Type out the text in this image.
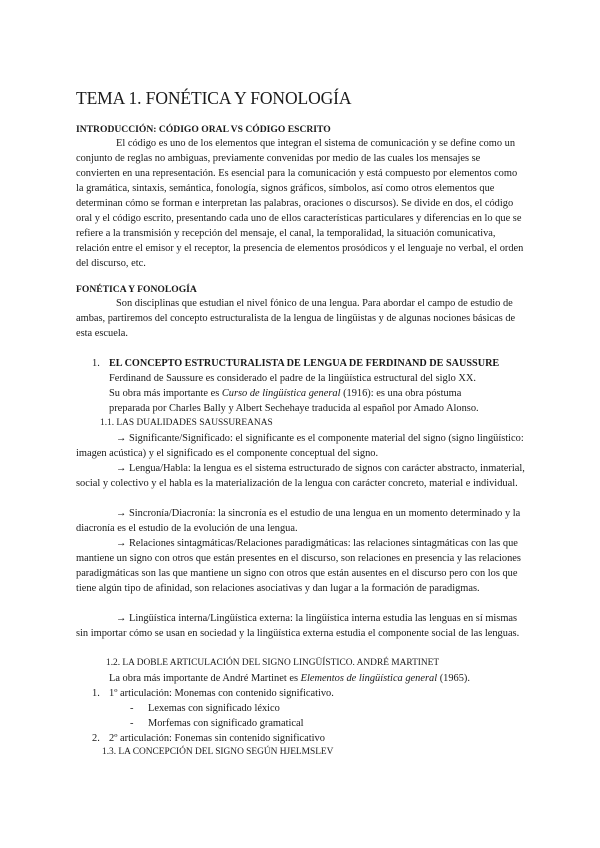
TEMA 1. FONÉTICA Y FONOLOGÍA
INTRODUCCIÓN: CÓDIGO ORAL VS CÓDIGO ESCRITO

El código es uno de los elementos que integran el sistema de comunicación y se define como un conjunto de reglas no ambiguas, previamente convenidas por medio de las cuales los mensajes se convierten en una representación. Es esencial para la comunicación y está compuesto por elementos como la gramática, sintaxis, semántica, fonología, signos gráficos, símbolos, así como otros elementos que determinan cómo se forman e interpretan las palabras, oraciones o discursos). Se divide en dos, el código oral y el código escrito, presentando cada uno de ellos características particulares y diferencias en lo que se refiere a la transmisión y recepción del mensaje, el canal, la temporalidad, la situación comunicativa, relación entre el emisor y el receptor, la presencia de elementos prosódicos y el lenguaje no verbal, el orden del discurso, etc.

FONÉTICA Y FONOLOGÍA

Son disciplinas que estudian el nivel fónico de una lengua. Para abordar el campo de estudio de ambas, partiremos del concepto estructuralista de la lengua de lingüistas y de algunas nociones básicas de esta escuela.

1. EL CONCEPTO ESTRUCTURALISTA DE LENGUA DE FERDINAND DE SAUSSURE
Ferdinand de Saussure es considerado el padre de la lingüística estructural del siglo XX.
Su obra más importante es Curso de lingüística general (1916): es una obra póstuma
preparada por Charles Bally y Albert Sechehaye traducida al español por Amado Alonso.
1.1. LAS DUALIDADES SAUSSUREANAS
→ Significante/Significado: el significante es el componente material del signo (signo lingüístico: imagen acústica) y el significado es el componente conceptual del signo.
→ Lengua/Habla: la lengua es el sistema estructurado de signos con carácter abstracto, inmaterial, social y colectivo y el habla es la materialización de la lengua con carácter concreto, material e individual.
→ Sincronía/Diacronía: la sincronía es el estudio de una lengua en un momento determinado y la diacronía es el estudio de la evolución de una lengua.
→ Relaciones sintagmáticas/Relaciones paradigmáticas: las relaciones sintagmáticas con las que mantiene un signo con otros que están presentes en el discurso, son relaciones en presencia y las relaciones paradigmáticas son las que mantiene un signo con otros que están ausentes en el discurso pero con los que tiene algún tipo de afinidad, son relaciones asociativas y dan lugar a la formación de paradigmas.
→ Lingüística interna/Lingüística externa: la lingüística interna estudia las lenguas en sí mismas sin importar cómo se usan en sociedad y la lingüística externa estudia el componente social de las lenguas.
1.2. LA DOBLE ARTICULACIÓN DEL SIGNO LINGÜÍSTICO. ANDRÉ MARTINET
La obra más importante de André Martinet es Elementos de lingüística general (1965).
1. 1º articulación: Monemas con contenido significativo.
- Lexemas con significado léxico
- Morfemas con significado gramatical
2. 2º articulación: Fonemas sin contenido significativo
1.3. LA CONCEPCIÓN DEL SIGNO SEGÚN HJELMSLEV
